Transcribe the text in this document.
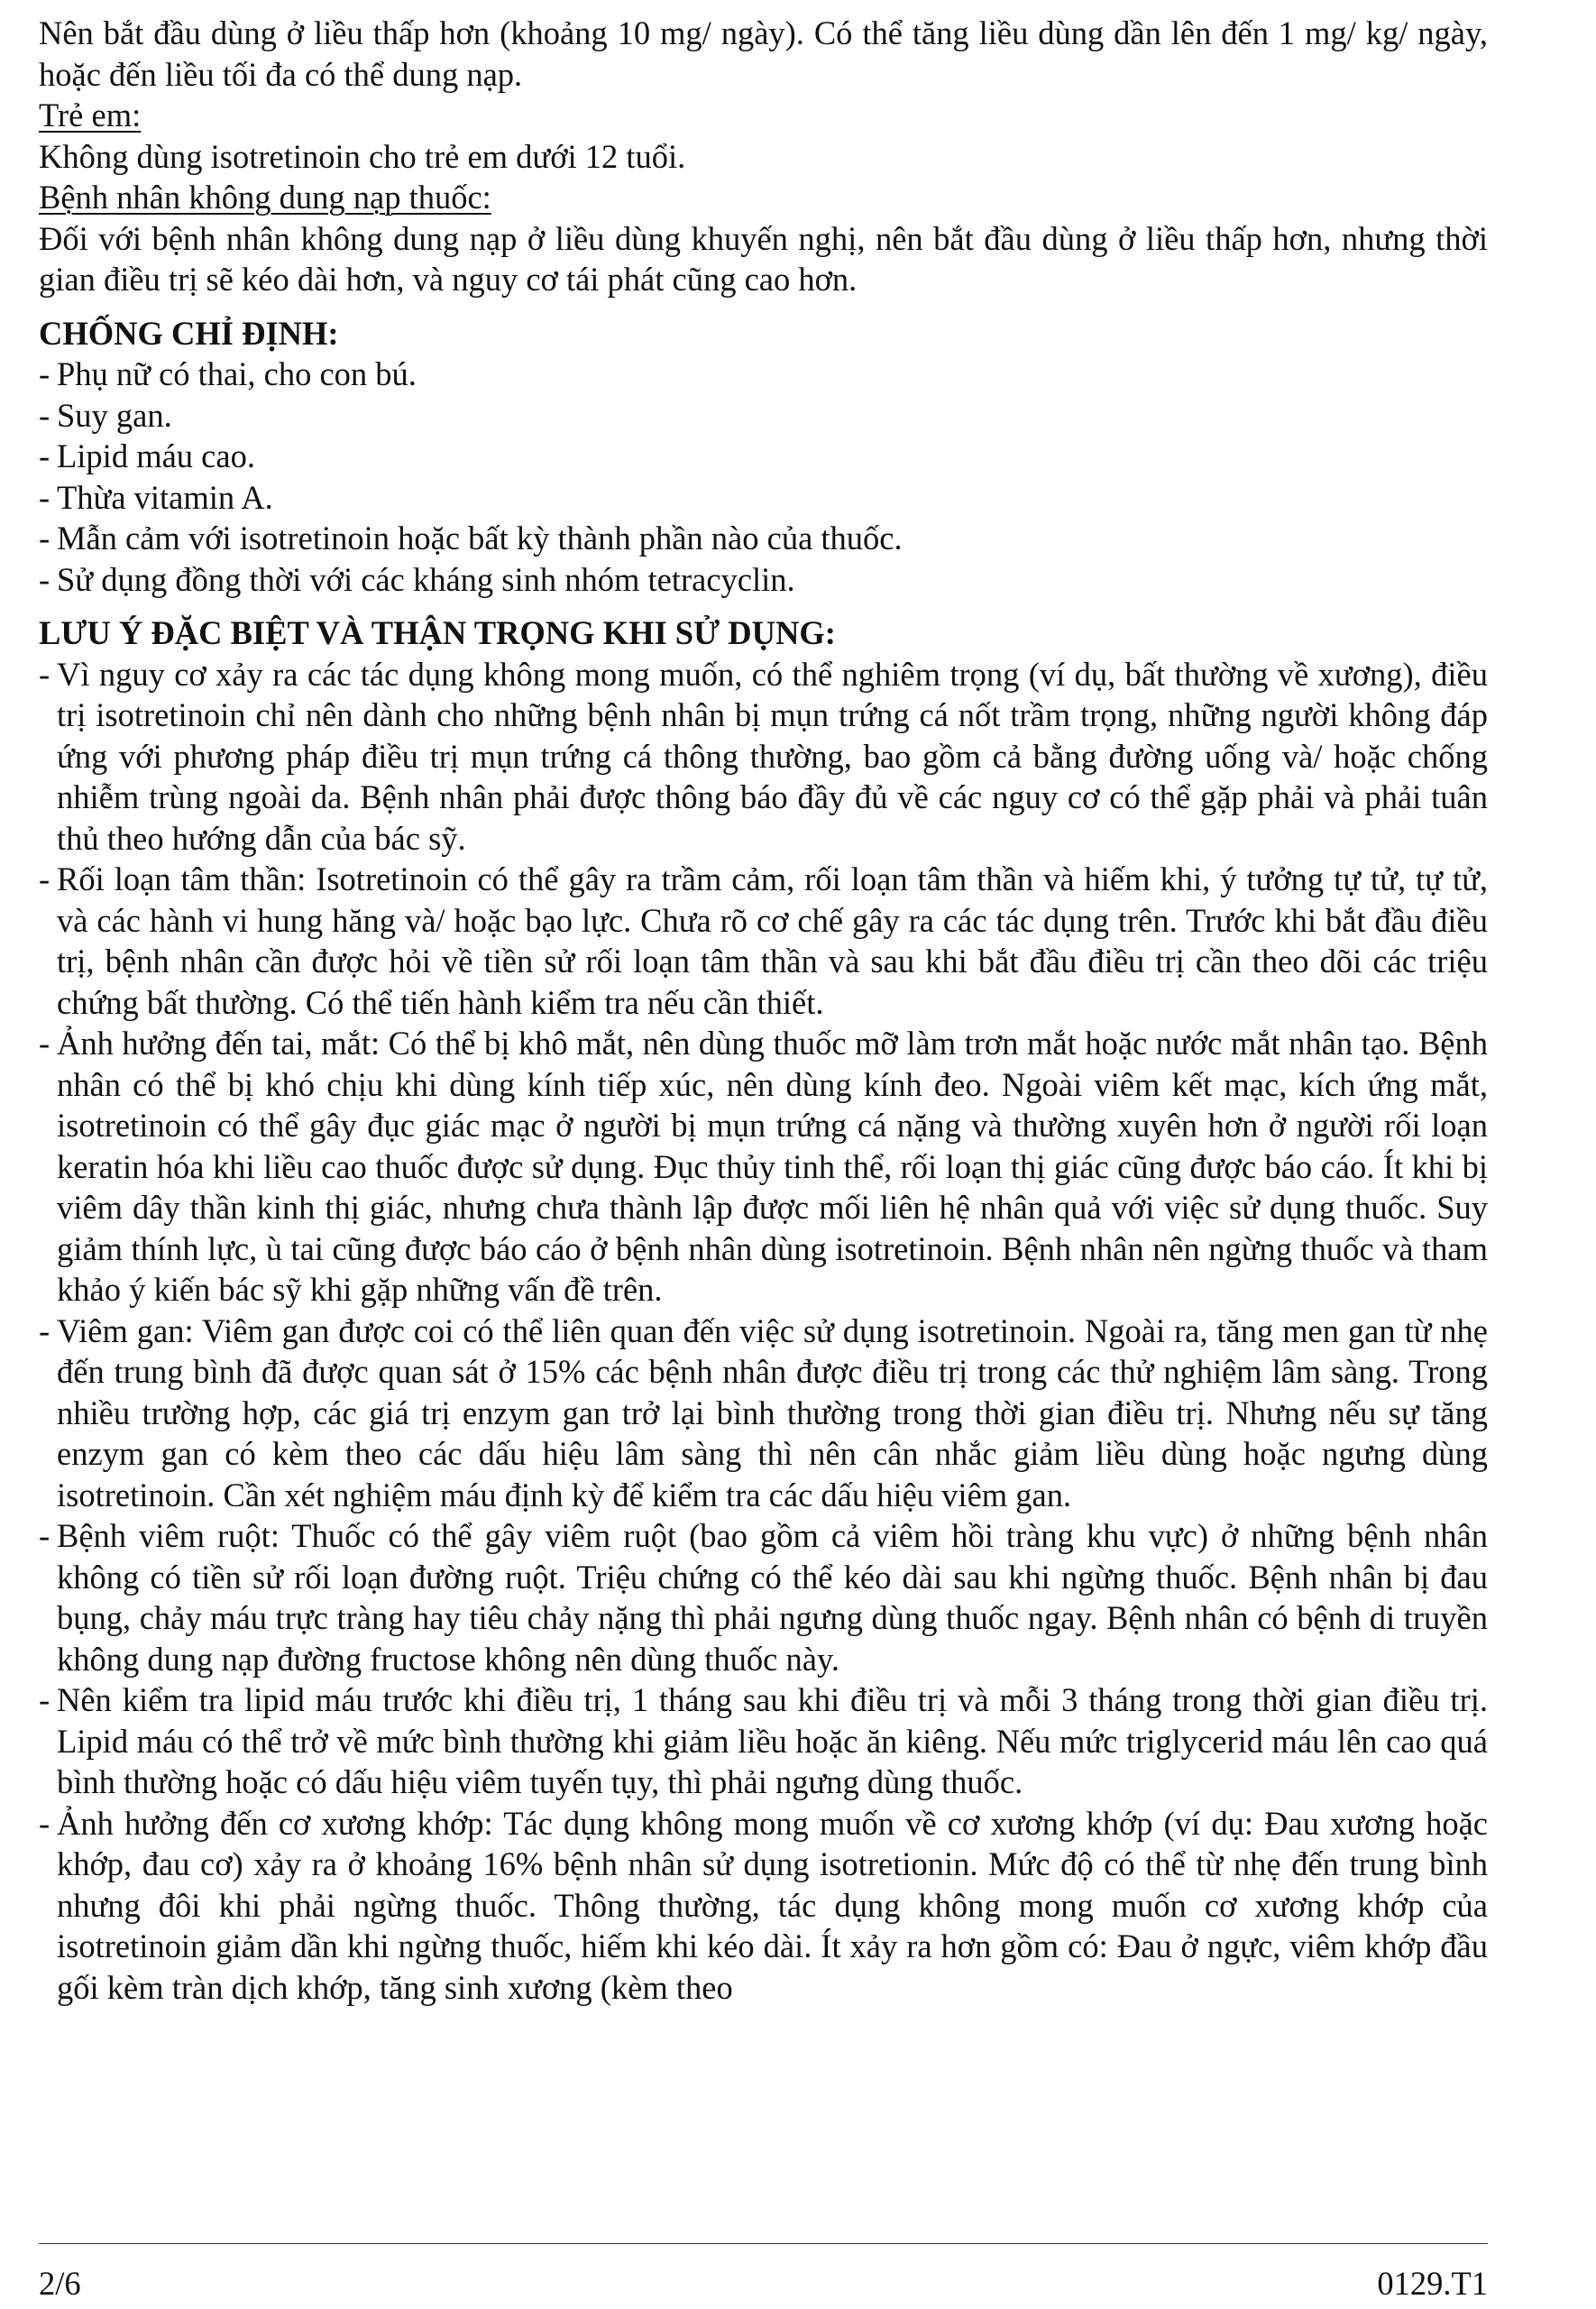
Nên bắt đầu dùng ở liều thấp hơn (khoảng 10 mg/ ngày). Có thể tăng liều dùng dần lên đến 1 mg/ kg/ ngày, hoặc đến liều tối đa có thể dung nạp.

Trẻ em:

Không dùng isotretinoin cho trẻ em dưới 12 tuổi.

Bệnh nhân không dung nạp thuốc:

Đối với bệnh nhân không dung nạp ở liều dùng khuyến nghị, nên bắt đầu dùng ở liều thấp hơn, nhưng thời gian điều trị sẽ kéo dài hơn, và nguy cơ tái phát cũng cao hơn.

CHỐNG CHỈ ĐỊNH:
- Phụ nữ có thai, cho con bú.
- Suy gan.
- Lipid máu cao.
- Thừa vitamin A.
- Mẫn cảm với isotretinoin hoặc bất kỳ thành phần nào của thuốc.
- Sử dụng đồng thời với các kháng sinh nhóm tetracyclin.
LƯU Ý ĐẶC BIỆT VÀ THẬN TRỌNG KHI SỬ DỤNG:
- Vì nguy cơ xảy ra các tác dụng không mong muốn, có thể nghiêm trọng (ví dụ, bất thường về xương), điều trị isotretinoin chỉ nên dành cho những bệnh nhân bị mụn trứng cá nốt trầm trọng, những người không đáp ứng với phương pháp điều trị mụn trứng cá thông thường, bao gồm cả bằng đường uống và/ hoặc chống nhiễm trùng ngoài da. Bệnh nhân phải được thông báo đầy đủ về các nguy cơ có thể gặp phải và phải tuân thủ theo hướng dẫn của bác sỹ.
- Rối loạn tâm thần: Isotretinoin có thể gây ra trầm cảm, rối loạn tâm thần và hiếm khi, ý tưởng tự tử, tự tử, và các hành vi hung hăng và/ hoặc bạo lực. Chưa rõ cơ chế gây ra các tác dụng trên. Trước khi bắt đầu điều trị, bệnh nhân cần được hỏi về tiền sử rối loạn tâm thần và sau khi bắt đầu điều trị cần theo dõi các triệu chứng bất thường. Có thể tiến hành kiểm tra nếu cần thiết.
- Ảnh hưởng đến tai, mắt: Có thể bị khô mắt, nên dùng thuốc mỡ làm trơn mắt hoặc nước mắt nhân tạo. Bệnh nhân có thể bị khó chịu khi dùng kính tiếp xúc, nên dùng kính đeo. Ngoài viêm kết mạc, kích ứng mắt, isotretinoin có thể gây đục giác mạc ở người bị mụn trứng cá nặng và thường xuyên hơn ở người rối loạn keratin hóa khi liều cao thuốc được sử dụng. Đục thủy tinh thể, rối loạn thị giác cũng được báo cáo. Ít khi bị viêm dây thần kinh thị giác, nhưng chưa thành lập được mối liên hệ nhân quả với việc sử dụng thuốc. Suy giảm thính lực, ù tai cũng được báo cáo ở bệnh nhân dùng isotretinoin. Bệnh nhân nên ngừng thuốc và tham khảo ý kiến bác sỹ khi gặp những vấn đề trên.
- Viêm gan: Viêm gan được coi có thể liên quan đến việc sử dụng isotretinoin. Ngoài ra, tăng men gan từ nhẹ đến trung bình đã được quan sát ở 15% các bệnh nhân được điều trị trong các thử nghiệm lâm sàng. Trong nhiều trường hợp, các giá trị enzym gan trở lại bình thường trong thời gian điều trị. Nhưng nếu sự tăng enzym gan có kèm theo các dấu hiệu lâm sàng thì nên cân nhắc giảm liều dùng hoặc ngưng dùng isotretinoin. Cần xét nghiệm máu định kỳ để kiểm tra các dấu hiệu viêm gan.
- Bệnh viêm ruột: Thuốc có thể gây viêm ruột (bao gồm cả viêm hồi tràng khu vực) ở những bệnh nhân không có tiền sử rối loạn đường ruột. Triệu chứng có thể kéo dài sau khi ngừng thuốc. Bệnh nhân bị đau bụng, chảy máu trực tràng hay tiêu chảy nặng thì phải ngưng dùng thuốc ngay. Bệnh nhân có bệnh di truyền không dung nạp đường fructose không nên dùng thuốc này.
- Nên kiểm tra lipid máu trước khi điều trị, 1 tháng sau khi điều trị và mỗi 3 tháng trong thời gian điều trị. Lipid máu có thể trở về mức bình thường khi giảm liều hoặc ăn kiêng. Nếu mức triglycerid máu lên cao quá bình thường hoặc có dấu hiệu viêm tuyến tụy, thì phải ngưng dùng thuốc.
- Ảnh hưởng đến cơ xương khớp: Tác dụng không mong muốn về cơ xương khớp (ví dụ: Đau xương hoặc khớp, đau cơ) xảy ra ở khoảng 16% bệnh nhân sử dụng isotretionin. Mức độ có thể từ nhẹ đến trung bình nhưng đôi khi phải ngừng thuốc. Thông thường, tác dụng không mong muốn cơ xương khớp của isotretinoin giảm dần khi ngừng thuốc, hiếm khi kéo dài. Ít xảy ra hơn gồm có: Đau ở ngực, viêm khớp đầu gối kèm tràn dịch khớp, tăng sinh xương (kèm theo
2/6	0129.T1
